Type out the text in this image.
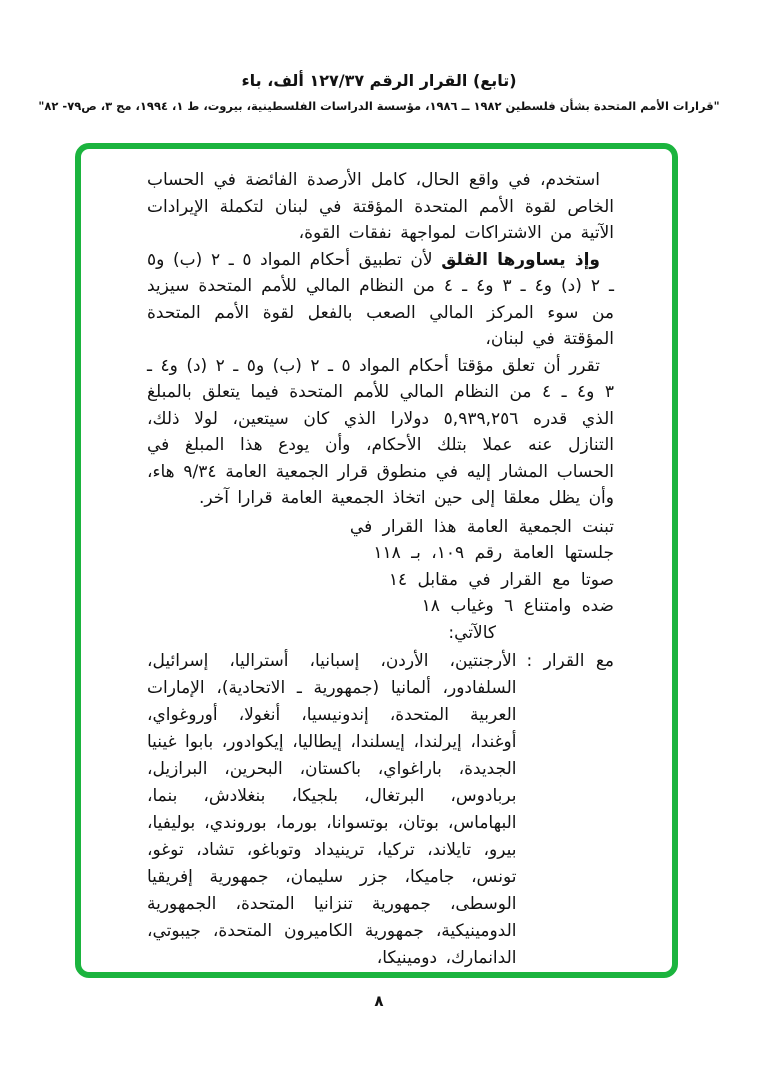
(تابع) القرار الرقم ١٢٧/٣٧ ألف، باء
"قرارات الأمم المتحدة بشأن فلسطين ١٩٨٢ ــ ١٩٨٦، مؤسسة الدراسات الفلسطينية، بيروت، ط ١، ١٩٩٤، مج ٣، ص٧٩- ٨٢"

استخدم، في واقع الحال، كامل الأرصدة الفائضة في الحساب الخاص لقوة الأمم المتحدة المؤقتة في لبنان لتكملة الإيرادات الآتية من الاشتراكات لمواجهة نفقات القوة،

وإذ يساورها القلق لأن تطبيق أحكام المواد ٥ ـ ٢ (ب) و٥ ـ ٢ (د) و٤ ـ ٣ و٤ ـ ٤ من النظام المالي للأمم المتحدة سيزيد من سوء المركز المالي الصعب بالفعل لقوة الأمم المتحدة المؤقتة في لبنان،

تقرر أن تعلق مؤقتا أحكام المواد ٥ ـ ٢ (ب) و٥ ـ ٢ (د) و٤ ـ ٣ و٤ ـ ٤ من النظام المالي للأمم المتحدة فيما يتعلق بالمبلغ الذي قدره ٥,٩٣٩,٢٥٦ دولارا الذي كان سيتعين، لولا ذلك، التنازل عنه عملا بتلك الأحكام، وأن يودع هذا المبلغ في الحساب المشار إليه في منطوق قرار الجمعية العامة ٩/٣٤ هاء، وأن يظل معلقا إلى حين اتخاذ الجمعية العامة قرارا آخر.

تبنت الجمعية العامة هذا القرار في
جلستها العامة رقم ١٠٩، بـ ١١٨
صوتا مع القرار في مقابل ١٤
ضده وامتناع ٦ وغياب ١٨
كالآتي:
مع القرار :
الأرجنتين، الأردن، إسبانيا، أستراليا، إسرائيل، السلفادور، ألمانيا (جمهورية ـ الاتحادية)، الإمارات العربية المتحدة، إندونيسيا، أنغولا، أوروغواي، أوغندا، إيرلندا، إيسلندا، إيطاليا، إيكوادور، بابوا غينيا الجديدة، باراغواي، باكستان، البحرين، البرازيل، بربادوس، البرتغال، بلجيكا، بنغلادش، بنما، البهاماس، بوتان، بوتسوانا، بورما، بوروندي، بوليفيا، بيرو، تايلاند، تركيا، ترينيداد وتوباغو، تشاد، توغو، تونس، جاميكا، جزر سليمان، جمهورية إفريقيا الوسطى، جمهورية تنزانيا المتحدة، الجمهورية الدومينيكية، جمهورية الكاميرون المتحدة، جيبوتي، الدانمارك، دومينيكا،
٨
